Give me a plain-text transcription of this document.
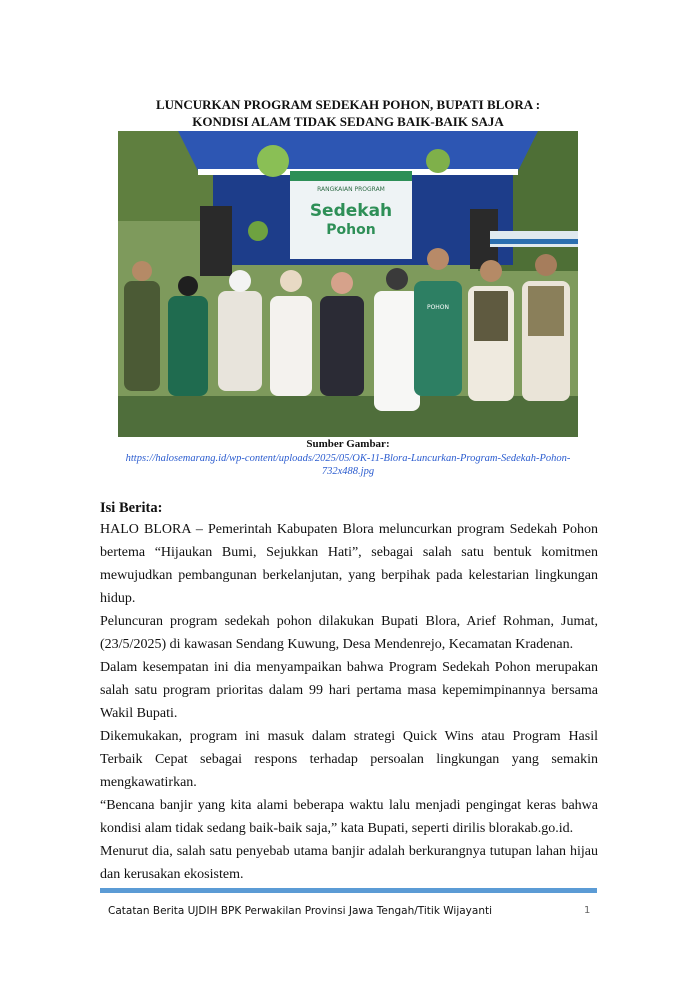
LUNCURKAN PROGRAM SEDEKAH POHON, BUPATI BLORA :
KONDISI ALAM TIDAK SEDANG BAIK-BAIK SAJA
RANGKAIAN PROGRAM
Sedekah
Pohon
POHON
Sumber Gambar:
https://halosemarang.id/wp-content/uploads/2025/05/OK-11-Blora-Luncurkan-Program-Sedekah-Pohon-
732x488.jpg
Isi Berita:

HALO BLORA – Pemerintah Kabupaten Blora meluncurkan program Sedekah Pohon bertema “Hijaukan Bumi, Sejukkan Hati”, sebagai salah satu bentuk komitmen mewujudkan pembangunan berkelanjutan, yang berpihak pada kelestarian lingkungan hidup.

Peluncuran program sedekah pohon dilakukan Bupati Blora, Arief Rohman, Jumat, (23/5/2025) di kawasan Sendang Kuwung, Desa Mendenrejo, Kecamatan Kradenan.

Dalam kesempatan ini dia menyampaikan bahwa Program Sedekah Pohon merupakan salah satu program prioritas dalam 99 hari pertama masa kepemimpinannya bersama Wakil Bupati.

Dikemukakan, program ini masuk dalam strategi Quick Wins atau Program Hasil Terbaik Cepat sebagai respons terhadap persoalan lingkungan yang semakin mengkawatirkan.

“Bencana banjir yang kita alami beberapa waktu lalu menjadi pengingat keras bahwa kondisi alam tidak sedang baik-baik saja,” kata Bupati, seperti dirilis blorakab.go.id.

Menurut dia, salah satu penyebab utama banjir adalah berkurangnya tutupan lahan hijau dan kerusakan ekosistem.

Catatan Berita UJDIH BPK Perwakilan Provinsi Jawa Tengah/Titik Wijayanti	1
